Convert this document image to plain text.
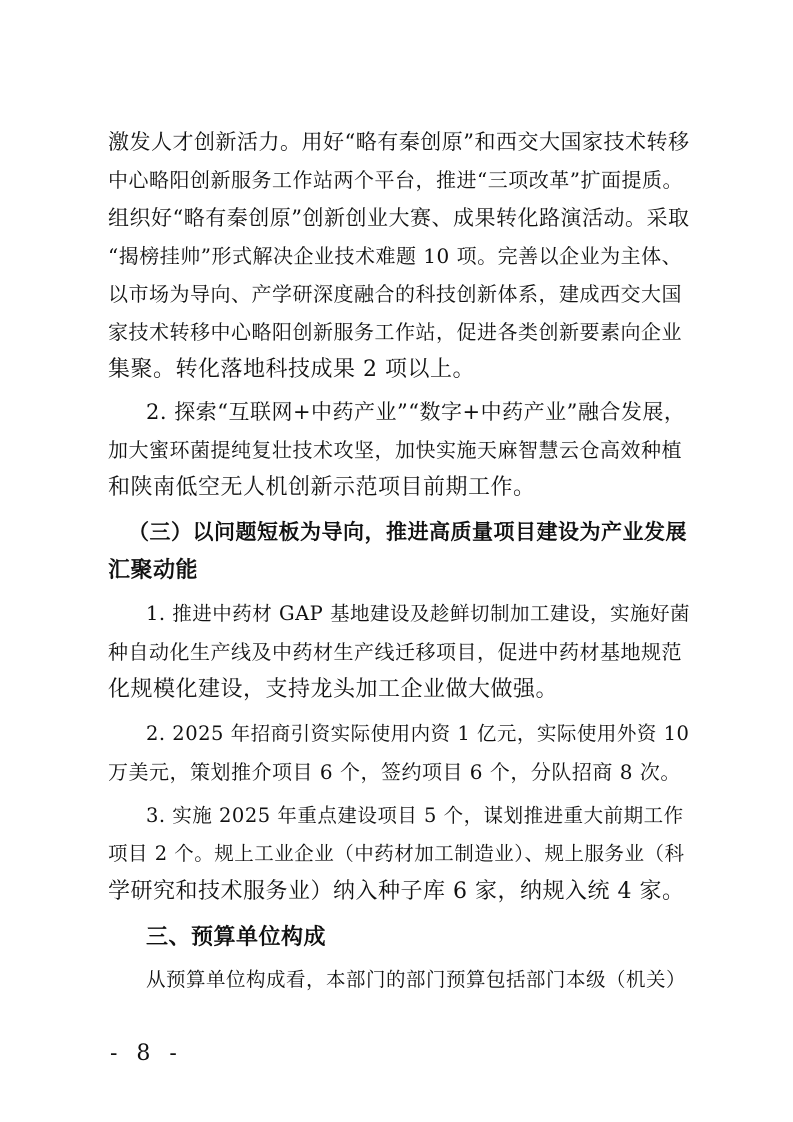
激发人才创新活力。用好“略有秦创原”和西交大国家技术转移
中心略阳创新服务工作站两个平台，推进“三项改革”扩面提质。
组织好“略有秦创原”创新创业大赛、成果转化路演活动。采取
“揭榜挂帅”形式解决企业技术难题 10 项。完善以企业为主体、
以市场为导向、产学研深度融合的科技创新体系，建成西交大国
家技术转移中心略阳创新服务工作站，促进各类创新要素向企业
集聚。转化落地科技成果 2 项以上。
2. 探索“互联网+中药产业”“数字+中药产业”融合发展，
加大蜜环菌提纯复壮技术攻坚，加快实施天麻智慧云仓高效种植
和陕南低空无人机创新示范项目前期工作。
（三）以问题短板为导向，推进高质量项目建设为产业发展
汇聚动能
1. 推进中药材 GAP 基地建设及趁鲜切制加工建设，实施好菌
种自动化生产线及中药材生产线迁移项目，促进中药材基地规范
化规模化建设，支持龙头加工企业做大做强。
2. 2025 年招商引资实际使用内资 1 亿元，实际使用外资 10
万美元，策划推介项目 6 个，签约项目 6 个，分队招商 8 次。
3. 实施 2025 年重点建设项目 5 个，谋划推进重大前期工作
项目 2 个。规上工业企业（中药材加工制造业）、规上服务业（科
学研究和技术服务业）纳入种子库 6 家，纳规入统 4 家。
三、预算单位构成
从预算单位构成看，本部门的部门预算包括部门本级（机关）
- 8 -
